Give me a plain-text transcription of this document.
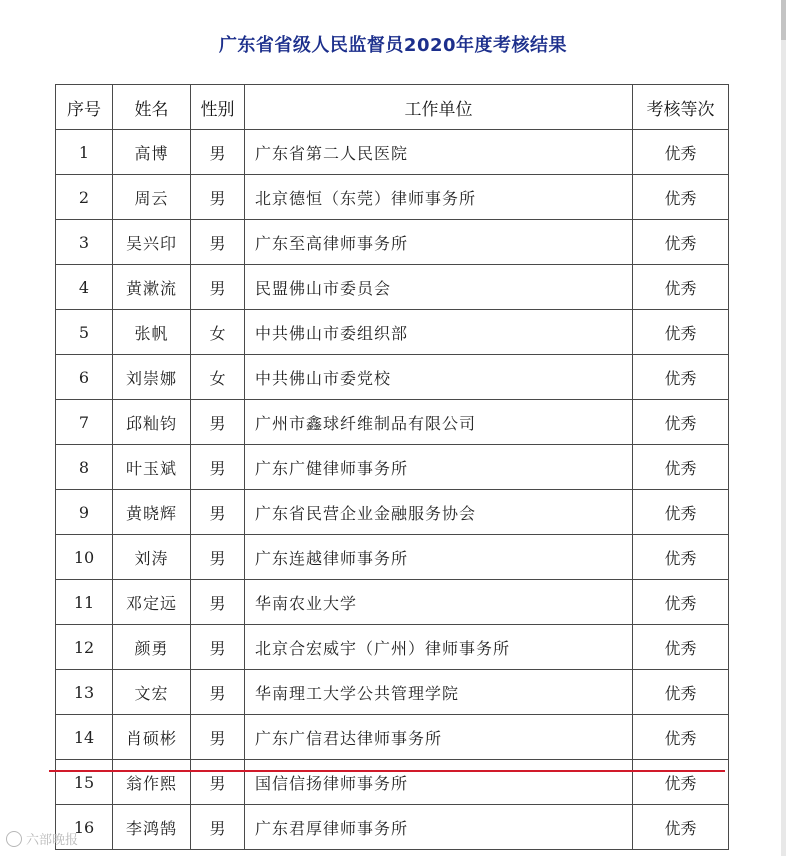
广东省省级人民监督员2020年度考核结果
序号	姓名	性别	工作单位	考核等次
1	高博	男	广东省第二人民医院	优秀
2	周云	男	北京德恒（东莞）律师事务所	优秀
3	吴兴印	男	广东至高律师事务所	优秀
4	黄漱流	男	民盟佛山市委员会	优秀
5	张帆	女	中共佛山市委组织部	优秀
6	刘崇娜	女	中共佛山市委党校	优秀
7	邱籼钧	男	广州市鑫球纤维制品有限公司	优秀
8	叶玉斌	男	广东广健律师事务所	优秀
9	黄晓辉	男	广东省民营企业金融服务协会	优秀
10	刘涛	男	广东连越律师事务所	优秀
11	邓定远	男	华南农业大学	优秀
12	颜勇	男	北京合宏威宇（广州）律师事务所	优秀
13	文宏	男	华南理工大学公共管理学院	优秀
14	肖硕彬	男	广东广信君达律师事务所	优秀
15	翁作熙	男	国信信扬律师事务所	优秀
16	李鸿鹄	男	广东君厚律师事务所	优秀
六部晚报
